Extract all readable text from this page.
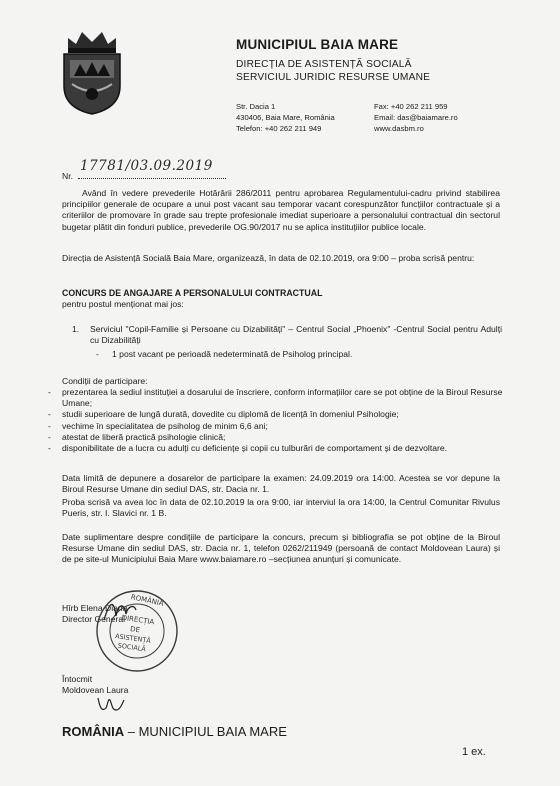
MUNICIPIUL BAIA MARE
DIRECȚIA DE ASISTENȚĂ SOCIALĂ
SERVICIUL JURIDIC RESURSE UMANE
Str. Dacia 1
430406, Baia Mare, România
Telefon: +40 262 211 949
Fax: +40 262 211 959
Email: das@baiamare.ro
www.dasbm.ro
Nr.
17781/03.09.2019
Având în vedere prevederile Hotărârii 286/2011 pentru aprobarea Regulamentului-cadru privind stabilirea principiilor generale de ocupare a unui post vacant sau temporar vacant corespunzător funcțiilor contractuale și a criteriilor de promovare în grade sau trepte profesionale imediat superioare a personalului contractual din sectorul bugetar plătit din fonduri publice, prevederile OG.90/2017 nu se aplica instituțiilor publice locale.
Direcția de Asistență Socială Baia Mare, organizează, în data de 02.10.2019, ora 9:00 – proba scrisă pentru:
CONCURS DE ANGAJARE A PERSONALULUI CONTRACTUAL
pentru postul menționat mai jos:
1. Serviciul "Copil-Familie și Persoane cu Dizabilități" – Centrul Social „Phoenix" -Centrul Social pentru Adulți cu Dizabilități
- 1 post vacant pe perioadă nedeterminată de Psiholog principal.
Condiții de participare:
- prezentarea la sediul instituției a dosarului de înscriere, conform informațiilor care se pot obține de la Biroul Resurse Umane;
- studii superioare de lungă durată, dovedite cu diplomă de licență în domeniul Psihologie;
- vechime în specialitatea de psiholog de minim 6,6 ani;
- atestat de liberă practică psihologie clinică;
- disponibilitate de a lucra cu adulți cu deficiențe și copii cu tulburări de comportament și de dezvoltare.
Data limită de depunere a dosarelor de participare la examen: 24.09.2019 ora 14:00. Acestea se vor depune la Biroul Resurse Umane din sediul DAS, str. Dacia nr. 1.
Proba scrisă va avea loc în data de 02.10.2019 la ora 9:00, iar interviul la ora 14:00, la Centrul Comunitar Rivulus Pueris, str. I. Slavici nr. 1 B.
Date suplimentare despre condițiile de participare la concurs, precum și bibliografia se pot obține de la Biroul Resurse Umane din sediul DAS, str. Dacia nr. 1, telefon 0262/211949 (persoană de contact Moldovean Laura) și de pe site-ul Municipiului Baia Mare www.baiamare.ro –secțiunea anunțuri și comunicate.
Hîrb Elena Diana
Director General
ROMÂNIA
DIRECȚIA
DE
ASISTENȚĂ
SOCIALĂ
Întocmit
Moldovean Laura
ROMÂNIA – MUNICIPIUL BAIA MARE
1 ex.
